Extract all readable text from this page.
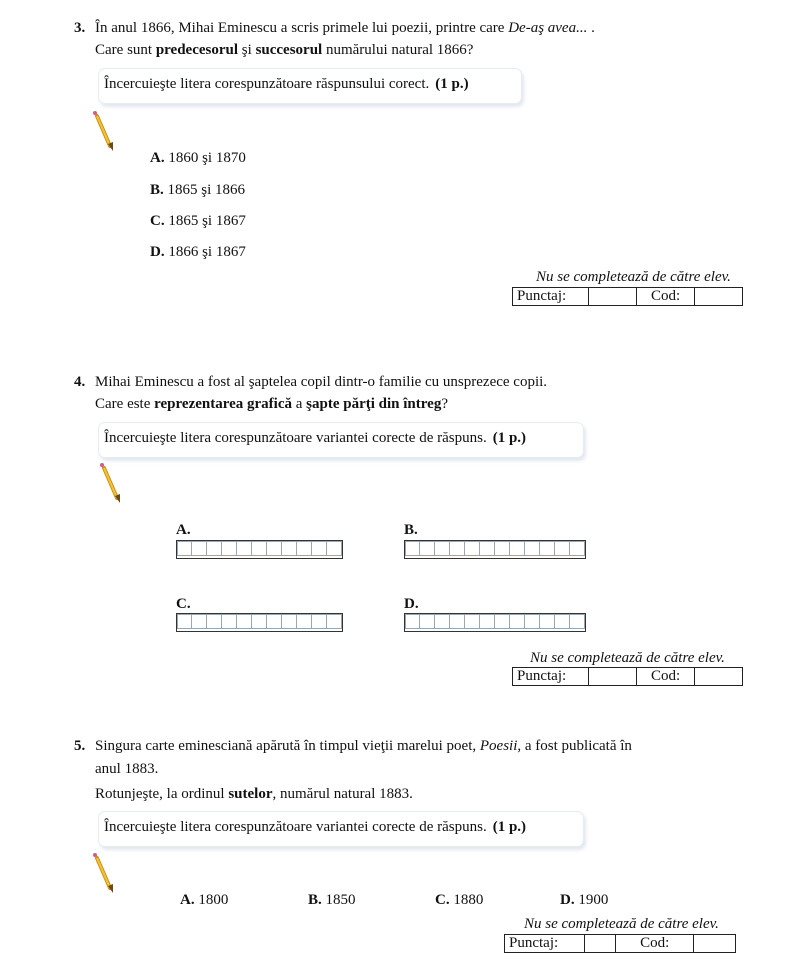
3. În anul 1866, Mihai Eminescu a scris primele lui poezii, printre care De-aş avea... .
Care sunt predecesorul şi succesorul numărului natural 1866?
Încercuieşte litera corespunzătoare răspunsului corect. (1 p.)
A. 1860 şi 1870
B. 1865 şi 1866
C. 1865 şi 1867
D. 1866 şi 1867
Nu se completează de către elev.
Punctaj:		Cod:	
4. Mihai Eminescu a fost al şaptelea copil dintr-o familie cu unsprezece copii.
Care este reprezentarea grafică a şapte părţi din întreg?
Încercuieşte litera corespunzătoare variantei corecte de răspuns. (1 p.)
A.	B.
C.	D.
Nu se completează de către elev.
Punctaj:		Cod:	
5. Singura carte eminesciană apărută în timpul vieţii marelui poet, Poesii, a fost publicată în
anul 1883.
Rotunjeşte, la ordinul sutelor, numărul natural 1883.
Încercuieşte litera corespunzătoare variantei corecte de răspuns. (1 p.)
A. 1800	B. 1850	C. 1880	D. 1900
Nu se completează de către elev.
Punctaj:		Cod:	
